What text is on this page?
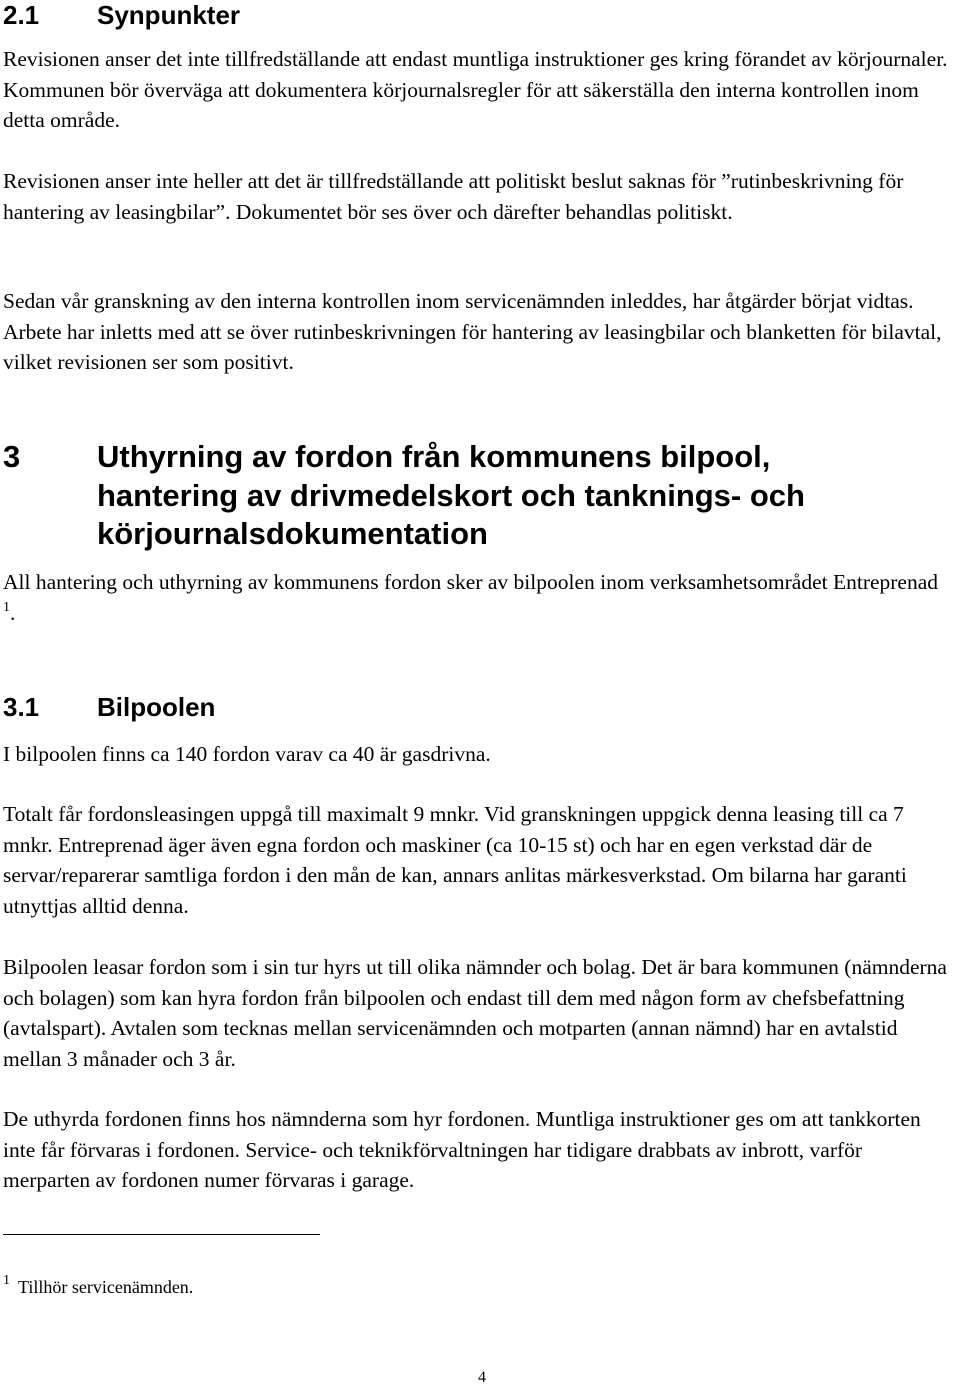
2.1 Synpunkter
Revisionen anser det inte tillfredställande att endast muntliga instruktioner ges kring förandet av körjournaler. Kommunen bör överväga att dokumentera körjournalsregler för att säkerställa den interna kontrollen inom detta område.
Revisionen anser inte heller att det är tillfredställande att politiskt beslut saknas för ”rutinbeskrivning för hantering av leasingbilar”. Dokumentet bör ses över och därefter behandlas politiskt.
Sedan vår granskning av den interna kontrollen inom servicenämnden inleddes, har åtgärder börjat vidtas. Arbete har inletts med att se över rutinbeskrivningen för hantering av leasingbilar och blanketten för bilavtal, vilket revisionen ser som positivt.
3 Uthyrning av fordon från kommunens bilpool, hantering av drivmedelskort och tanknings- och körjournalsdokumentation
All hantering och uthyrning av kommunens fordon sker av bilpoolen inom verksamhetsområdet Entreprenad $^1$.
3.1 Bilpoolen
I bilpoolen finns ca 140 fordon varav ca 40 är gasdrivna.
Totalt får fordonsleasingen uppgå till maximalt 9 mnkr. Vid granskningen uppgick denna leasing till ca 7 mnkr. Entreprenad äger även egna fordon och maskiner (ca 10-15 st) och har en egen verkstad där de servar/reparerar samtliga fordon i den mån de kan, annars anlitas märkesverkstad. Om bilarna har garanti utnyttjas alltid denna.
Bilpoolen leasar fordon som i sin tur hyrs ut till olika nämnder och bolag. Det är bara kommunen (nämnderna och bolagen) som kan hyra fordon från bilpoolen och endast till dem med någon form av chefsbefattning (avtalspart). Avtalen som tecknas mellan servicenämnden och motparten (annan nämnd) har en avtalstid mellan 3 månader och 3 år.
De uthyrda fordonen finns hos nämnderna som hyr fordonen. Muntliga instruktioner ges om att tankkorten inte får förvaras i fordonen. Service- och teknikförvaltningen har tidigare drabbats av inbrott, varför merparten av fordonen numer förvaras i garage.
$^1$ Tillhör servicenämnden.
4
